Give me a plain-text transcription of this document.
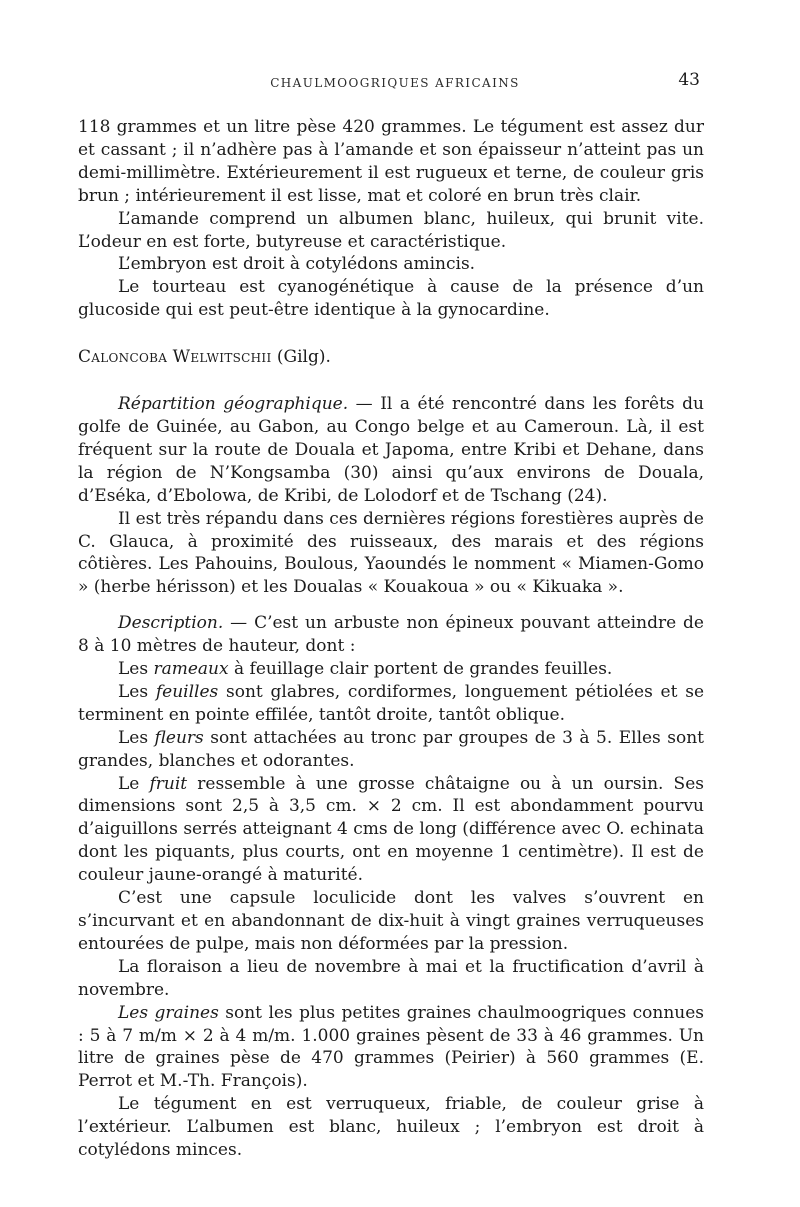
CHAULMOOGRIQUES AFRICAINS	43

118 grammes et un litre pèse 420 grammes. Le tégument est assez dur et cassant ; il n’adhère pas à l’amande et son épaisseur n’atteint pas un demi-millimètre. Extérieurement il est rugueux et terne, de couleur gris brun ; intérieurement il est lisse, mat et coloré en brun très clair.

L’amande comprend un albumen blanc, huileux, qui brunit vite. L’odeur en est forte, butyreuse et caractéristique.

L’embryon est droit à cotylédons amincis.

Le tourteau est cyanogénétique à cause de la présence d’un glucoside qui est peut-être identique à la gynocardine.

Caloncoba Welwitschii (Gilg).

Répartition géographique. — Il a été rencontré dans les forêts du golfe de Guinée, au Gabon, au Congo belge et au Cameroun. Là, il est fréquent sur la route de Douala et Japoma, entre Kribi et Dehane, dans la région de N’Kongsamba (30) ainsi qu’aux environs de Douala, d’Eséka, d’Ebolowa, de Kribi, de Lolodorf et de Tschang (24).

Il est très répandu dans ces dernières régions forestières auprès de C. Glauca, à proximité des ruisseaux, des marais et des régions côtières. Les Pahouins, Boulous, Yaoundés le nomment « Miamen-Gomo » (herbe hérisson) et les Doualas « Kouakoua » ou « Kikuaka ».

Description. — C’est un arbuste non épineux pouvant atteindre de 8 à 10 mètres de hauteur, dont :

Les rameaux à feuillage clair portent de grandes feuilles.

Les feuilles sont glabres, cordiformes, longuement pétiolées et se terminent en pointe effilée, tantôt droite, tantôt oblique.

Les fleurs sont attachées au tronc par groupes de 3 à 5. Elles sont grandes, blanches et odorantes.

Le fruit ressemble à une grosse châtaigne ou à un oursin. Ses dimensions sont 2,5 à 3,5 cm. × 2 cm. Il est abondamment pourvu d’aiguillons serrés atteignant 4 cms de long (différence avec O. echinata dont les piquants, plus courts, ont en moyenne 1 centimètre). Il est de couleur jaune-orangé à maturité.

C’est une capsule loculicide dont les valves s’ouvrent en s’incurvant et en abandonnant de dix-huit à vingt graines verruqueuses entourées de pulpe, mais non déformées par la pression.

La floraison a lieu de novembre à mai et la fructification d’avril à novembre.

Les graines sont les plus petites graines chaulmoogriques connues : 5 à 7 m/m × 2 à 4 m/m. 1.000 graines pèsent de 33 à 46 grammes. Un litre de graines pèse de 470 grammes (Peirier) à 560 grammes (E. Perrot et M.-Th. François).

Le tégument en est verruqueux, friable, de couleur grise à l’extérieur. L’albumen est blanc, huileux ; l’embryon est droit à cotylédons minces.
